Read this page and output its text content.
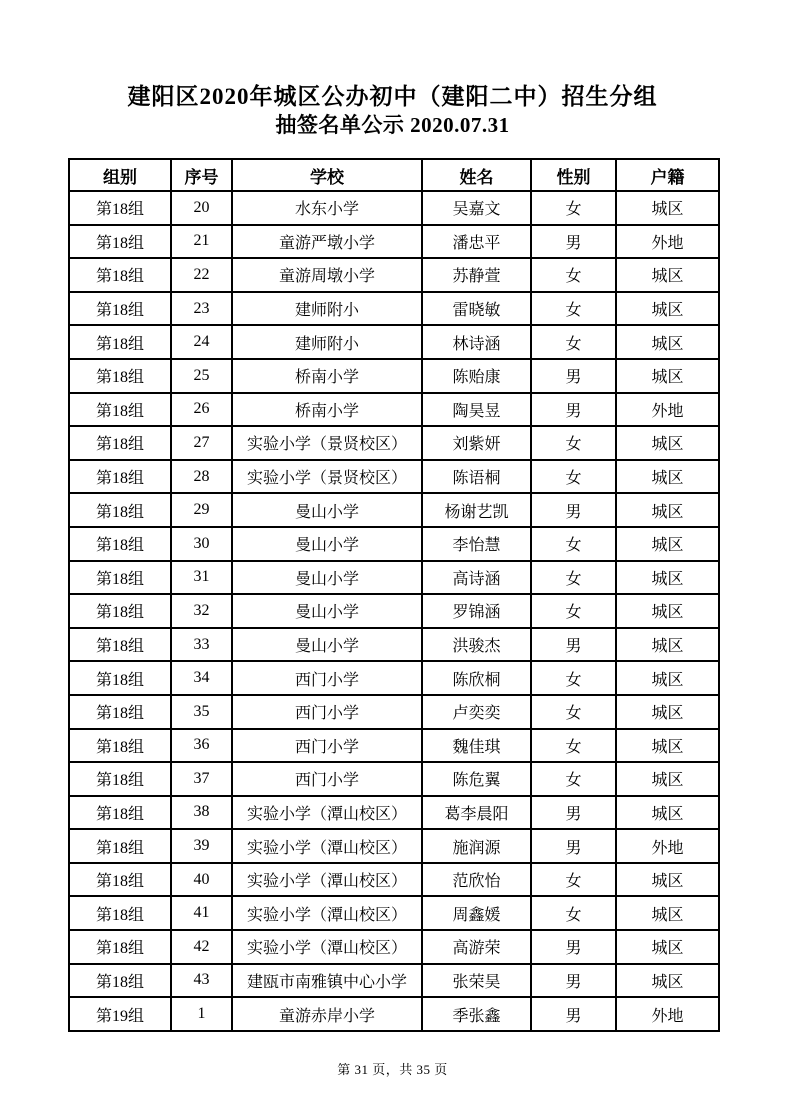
建阳区2020年城区公办初中（建阳二中）招生分组
抽签名单公示 2020.07.31
组别	序号	学校	姓名	性别	户籍
第18组	20	水东小学	吴嘉文	女	城区
第18组	21	童游严墩小学	潘忠平	男	外地
第18组	22	童游周墩小学	苏静萱	女	城区
第18组	23	建师附小	雷晓敏	女	城区
第18组	24	建师附小	林诗涵	女	城区
第18组	25	桥南小学	陈贻康	男	城区
第18组	26	桥南小学	陶昊昱	男	外地
第18组	27	实验小学（景贤校区）	刘紫妍	女	城区
第18组	28	实验小学（景贤校区）	陈语桐	女	城区
第18组	29	曼山小学	杨谢艺凯	男	城区
第18组	30	曼山小学	李怡慧	女	城区
第18组	31	曼山小学	高诗涵	女	城区
第18组	32	曼山小学	罗锦涵	女	城区
第18组	33	曼山小学	洪骏杰	男	城区
第18组	34	西门小学	陈欣桐	女	城区
第18组	35	西门小学	卢奕奕	女	城区
第18组	36	西门小学	魏佳琪	女	城区
第18组	37	西门小学	陈危翼	女	城区
第18组	38	实验小学（潭山校区）	葛李晨阳	男	城区
第18组	39	实验小学（潭山校区）	施润源	男	外地
第18组	40	实验小学（潭山校区）	范欣怡	女	城区
第18组	41	实验小学（潭山校区）	周鑫媛	女	城区
第18组	42	实验小学（潭山校区）	高游荣	男	城区
第18组	43	建瓯市南雅镇中心小学	张荣昊	男	城区
第19组	1	童游赤岸小学	季张鑫	男	外地
第 31 页，共 35 页
